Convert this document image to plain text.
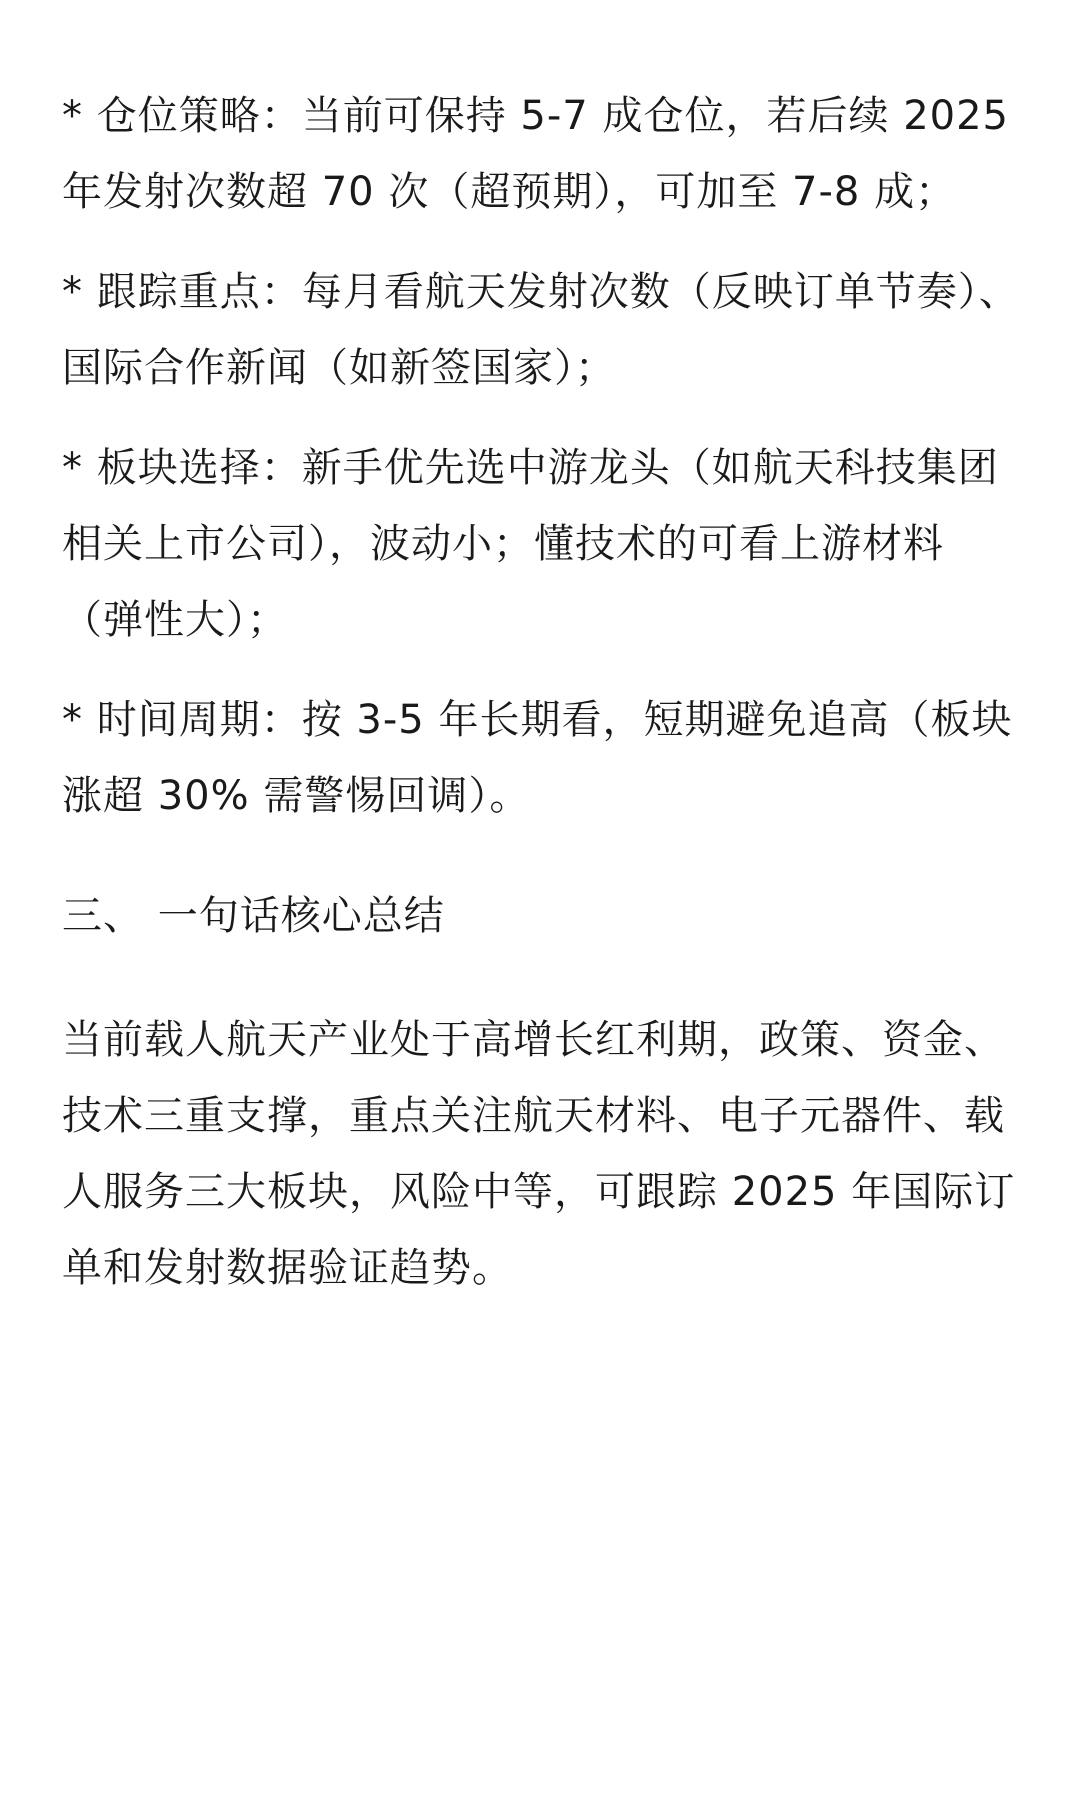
* 仓位策略：当前可保持 5-7 成仓位，若后续 2025 年发射次数超 70 次（超预期），可加至 7-8 成；

* 跟踪重点：每月看航天发射次数（反映订单节奏）、国际合作新闻（如新签国家）；

* 板块选择：新手优先选中游龙头（如航天科技集团相关上市公司），波动小；懂技术的可看上游材料（弹性大）；

* 时间周期：按 3-5 年长期看，短期避免追高（板块涨超 30% 需警惕回调）。

三、 一句话核心总结

当前载人航天产业处于高增长红利期，政策、资金、技术三重支撑，重点关注航天材料、电子元器件、载人服务三大板块，风险中等，可跟踪 2025 年国际订单和发射数据验证趋势。
